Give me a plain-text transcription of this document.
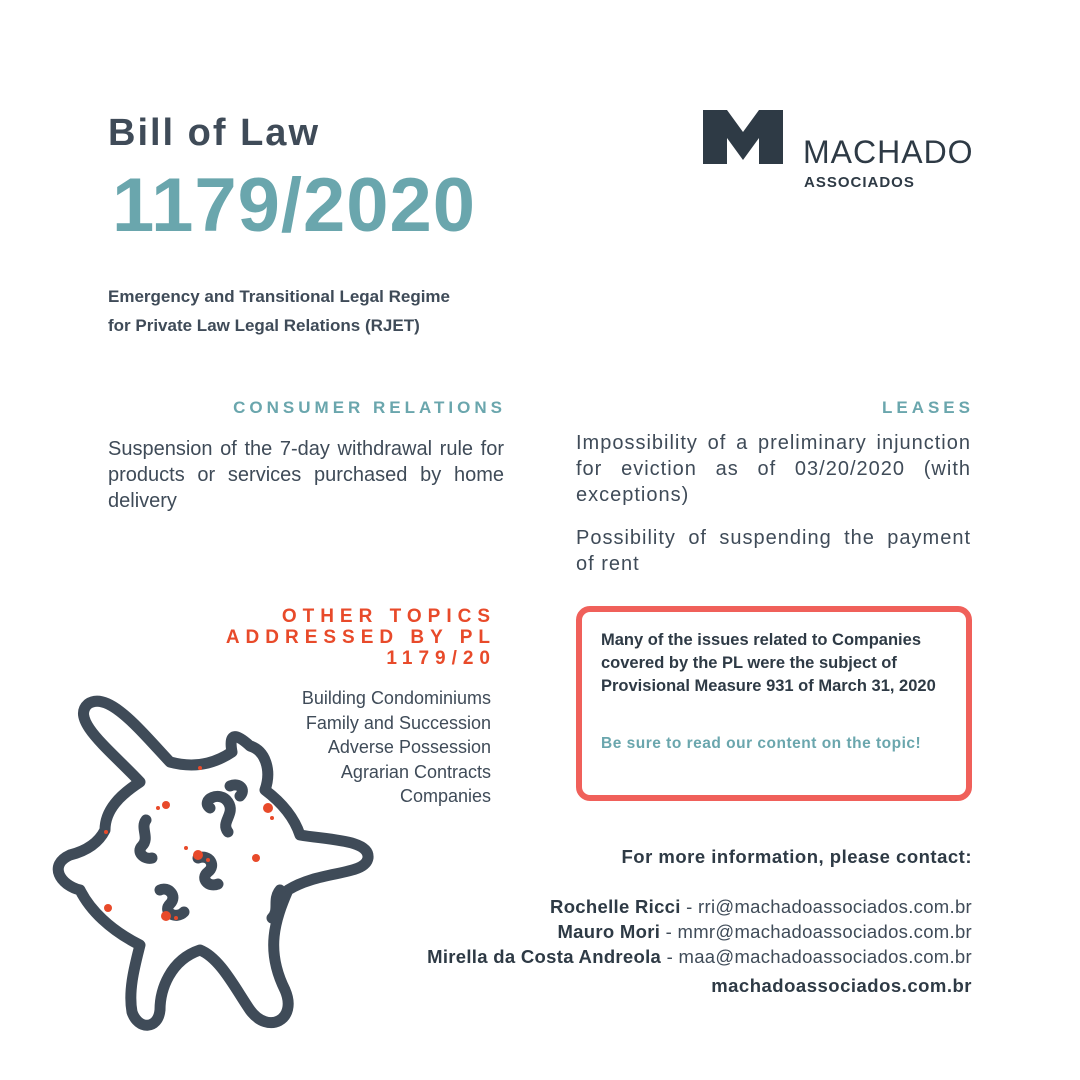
Bill of Law
1179/2020
Emergency and Transitional Legal Regime
for Private Law Legal Relations (RJET)
MACHADO
ASSOCIADOS
CONSUMER RELATIONS
Suspension of the 7-day withdrawal rule for products or services purchased by home delivery
LEASES
Impossibility of a preliminary injunction for eviction as of 03/20/2020 (with exceptions)
Possibility of suspending the payment of rent
OTHER TOPICS
ADDRESSED BY PL
1179/20
Building Condominiums
Family and Succession
Adverse Possession
Agrarian Contracts
Companies
Many of the issues related to Companies covered by the PL were the subject of Provisional Measure 931 of March 31, 2020
Be sure to read our content on the topic!
For more information, please contact:
Rochelle Ricci - rri@machadoassociados.com.br
Mauro Mori - mmr@machadoassociados.com.br
Mirella da Costa Andreola - maa@machadoassociados.com.br
machadoassociados.com.br
